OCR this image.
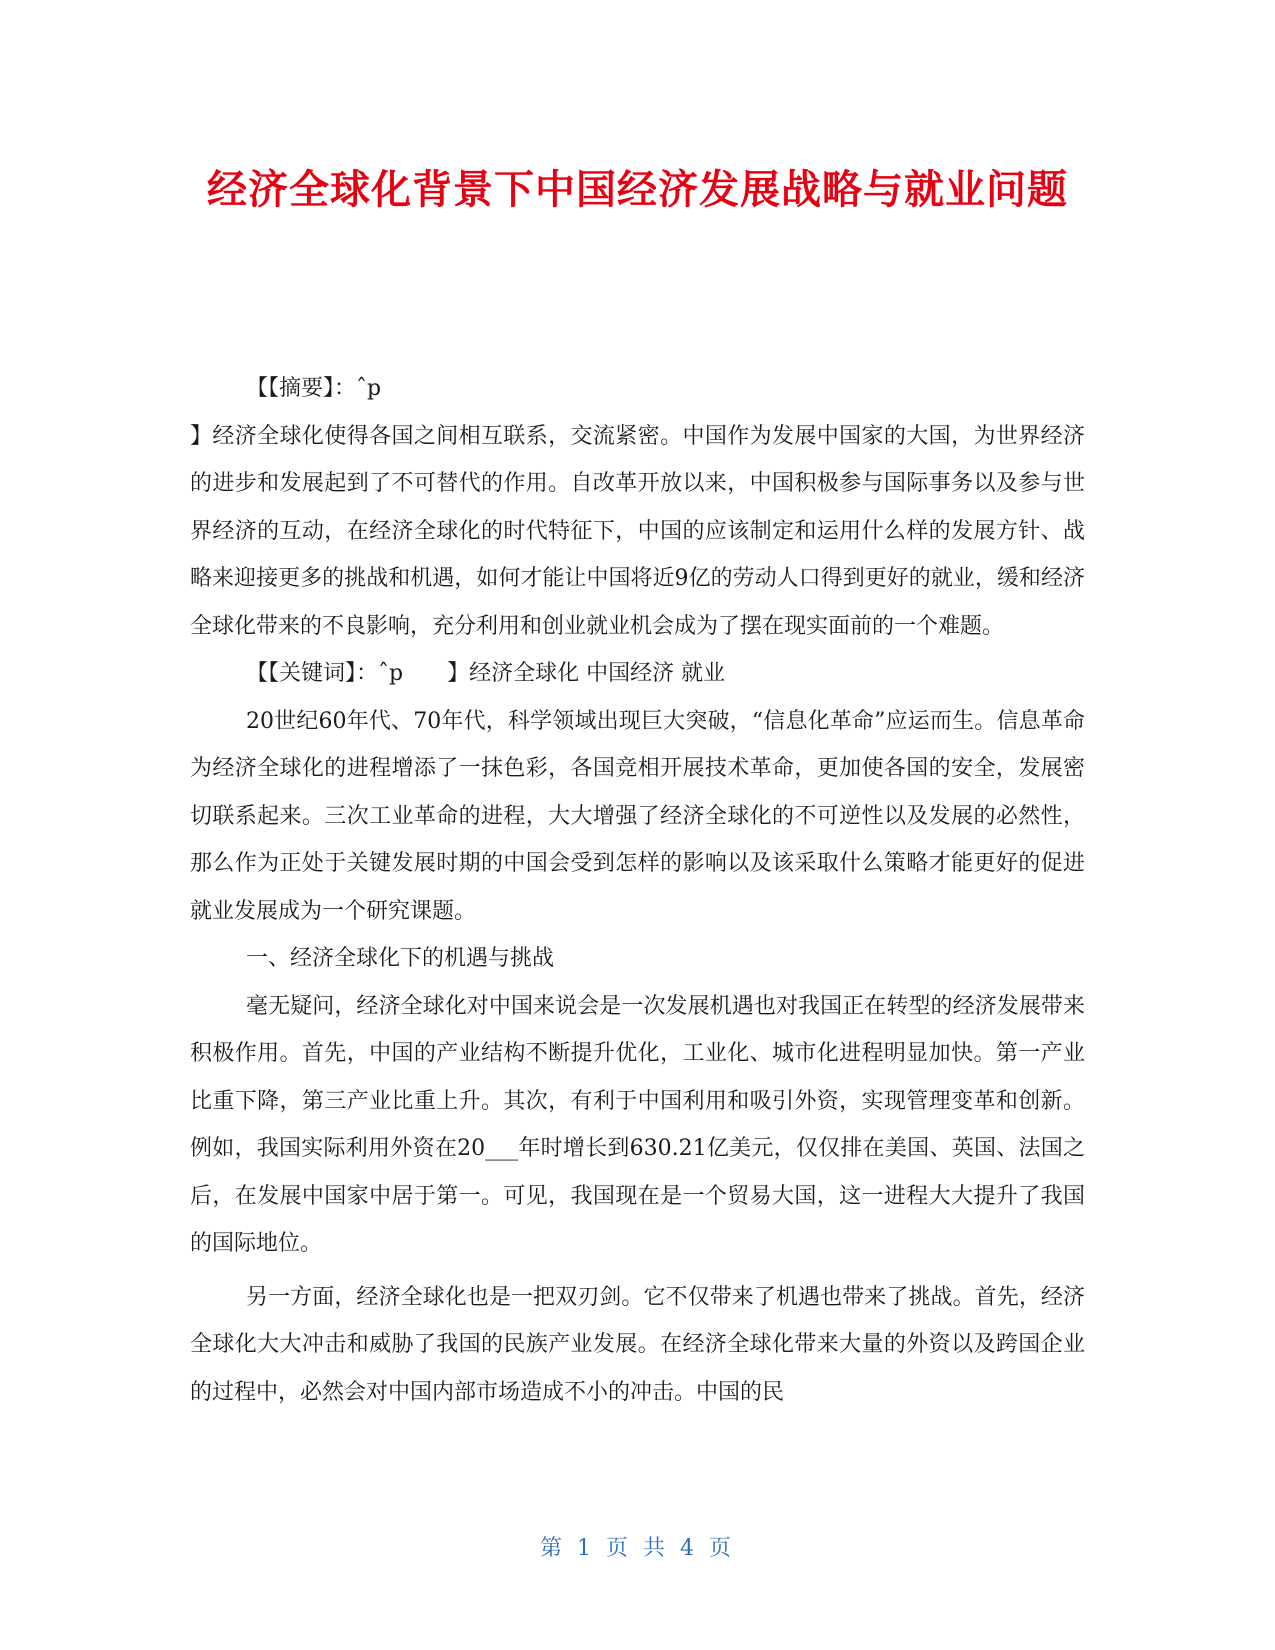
经济全球化背景下中国经济发展战略与就业问题

【【摘要】：ˆp

】经济全球化使得各国之间相互联系，交流紧密。中国作为发展中国家的大国，为世界经济的进步和发展起到了不可替代的作用。自改革开放以来，中国积极参与国际事务以及参与世界经济的互动，在经济全球化的时代特征下，中国的应该制定和运用什么样的发展方针、战略来迎接更多的挑战和机遇，如何才能让中国将近9亿的劳动人口得到更好的就业，缓和经济全球化带来的不良影响，充分利用和创业就业机会成为了摆在现实面前的一个难题。

【【关键词】：ˆp　　】经济全球化 中国经济 就业

20世纪60年代、70年代，科学领域出现巨大突破，“信息化革命”应运而生。信息革命为经济全球化的进程增添了一抹色彩，各国竞相开展技术革命，更加使各国的安全，发展密切联系起来。三次工业革命的进程，大大增强了经济全球化的不可逆性以及发展的必然性，那么作为正处于关键发展时期的中国会受到怎样的影响以及该采取什么策略才能更好的促进就业发展成为一个研究课题。

一、经济全球化下的机遇与挑战

毫无疑问，经济全球化对中国来说会是一次发展机遇也对我国正在转型的经济发展带来积极作用。首先，中国的产业结构不断提升优化，工业化、城市化进程明显加快。第一产业比重下降，第三产业比重上升。其次，有利于中国利用和吸引外资，实现管理变革和创新。例如，我国实际利用外资在20___年时增长到630.21亿美元，仅仅排在美国、英国、法国之后，在发展中国家中居于第一。可见，我国现在是一个贸易大国，这一进程大大提升了我国的国际地位。

另一方面，经济全球化也是一把双刃剑。它不仅带来了机遇也带来了挑战。首先，经济全球化大大冲击和威胁了我国的民族产业发展。在经济全球化带来大量的外资以及跨国企业的过程中，必然会对中国内部市场造成不小的冲击。中国的民

第 1 页 共 4 页
